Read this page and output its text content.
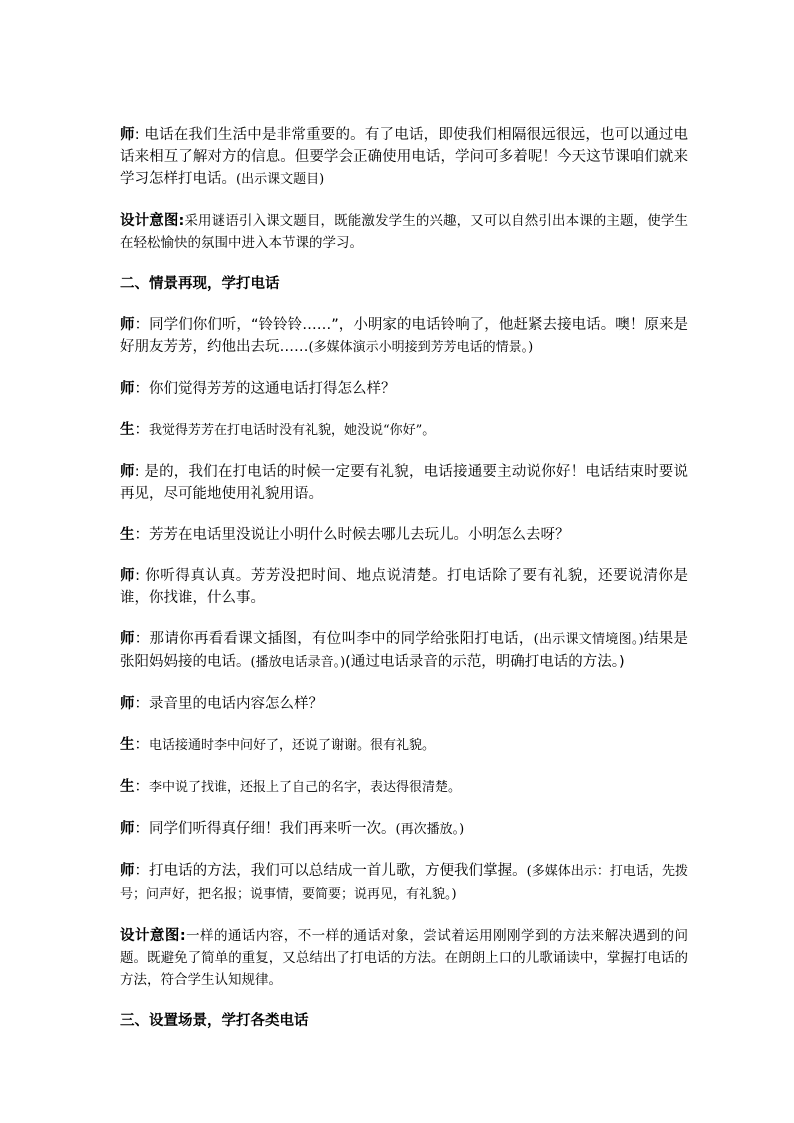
师: 电话在我们生活中是非常重要的。有了电话，即使我们相隔很远很远，也可以通过电话来相互了解对方的信息。但要学会正确使用电话，学问可多着呢！今天这节课咱们就来学习怎样打电话。(出示课文题目)

设计意图:采用谜语引入课文题目，既能激发学生的兴趣，又可以自然引出本课的主题，使学生在轻松愉快的氛围中进入本节课的学习。

二、情景再现，学打电话

师：同学们你们听，“铃铃铃……”，小明家的电话铃响了，他赶紧去接电话。噢！原来是好朋友芳芳，约他出去玩……(多媒体演示小明接到芳芳电话的情景。)

师：你们觉得芳芳的这通电话打得怎么样？

生：我觉得芳芳在打电话时没有礼貌，她没说“你好”。

师: 是的，我们在打电话的时候一定要有礼貌，电话接通要主动说你好！电话结束时要说再见，尽可能地使用礼貌用语。

生：芳芳在电话里没说让小明什么时候去哪儿去玩儿。小明怎么去呀？

师: 你听得真认真。芳芳没把时间、地点说清楚。打电话除了要有礼貌，还要说清你是谁，你找谁，什么事。

师：那请你再看看课文插图，有位叫李中的同学给张阳打电话，(出示课文情境图。)结果是张阳妈妈接的电话。(播放电话录音。)(通过电话录音的示范，明确打电话的方法。)

师：录音里的电话内容怎么样？

生：电话接通时李中问好了，还说了谢谢。很有礼貌。

生：李中说了找谁，还报上了自己的名字，表达得很清楚。

师：同学们听得真仔细！我们再来听一次。(再次播放。)

师：打电话的方法，我们可以总结成一首儿歌，方便我们掌握。(多媒体出示：打电话，先拨号；问声好，把名报；说事情，要简要；说再见，有礼貌。)

设计意图:一样的通话内容，不一样的通话对象，尝试着运用刚刚学到的方法来解决遇到的问题。既避免了简单的重复，又总结出了打电话的方法。在朗朗上口的儿歌诵读中，掌握打电话的方法，符合学生认知规律。

三、设置场景，学打各类电话
